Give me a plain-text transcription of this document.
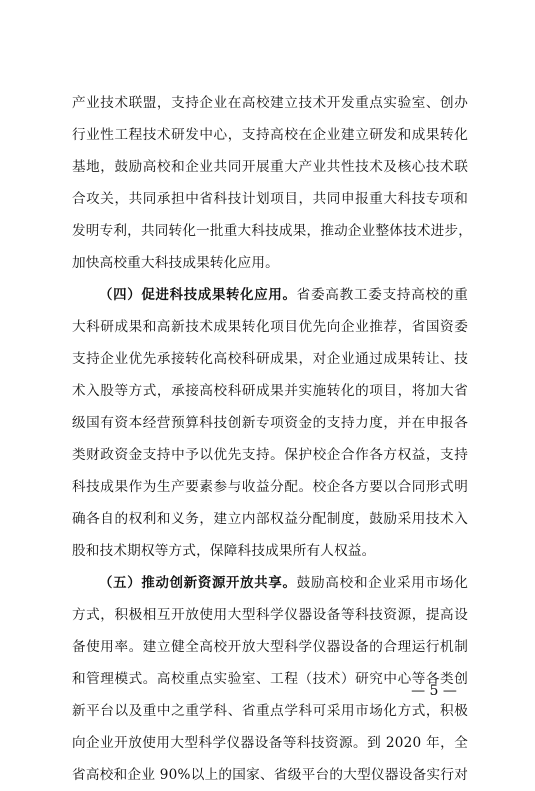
产业技术联盟，支持企业在高校建立技术开发重点实验室、创办
行业性工程技术研发中心，支持高校在企业建立研发和成果转化
基地，鼓励高校和企业共同开展重大产业共性技术及核心技术联
合攻关，共同承担中省科技计划项目，共同申报重大科技专项和
发明专利，共同转化一批重大科技成果，推动企业整体技术进步，
加快高校重大科技成果转化应用。
（四）促进科技成果转化应用。省委高教工委支持高校的重
大科研成果和高新技术成果转化项目优先向企业推荐，省国资委
支持企业优先承接转化高校科研成果，对企业通过成果转让、技
术入股等方式，承接高校科研成果并实施转化的项目，将加大省
级国有资本经营预算科技创新专项资金的支持力度，并在申报各
类财政资金支持中予以优先支持。保护校企合作各方权益，支持
科技成果作为生产要素参与收益分配。校企各方要以合同形式明
确各自的权利和义务，建立内部权益分配制度，鼓励采用技术入
股和技术期权等方式，保障科技成果所有人权益。
（五）推动创新资源开放共享。鼓励高校和企业采用市场化
方式，积极相互开放使用大型科学仪器设备等科技资源，提高设
备使用率。建立健全高校开放大型科学仪器设备的合理运行机制
和管理模式。高校重点实验室、工程（技术）研究中心等各类创
新平台以及重中之重学科、省重点学科可采用市场化方式，积极
向企业开放使用大型科学仪器设备等科技资源。到 2020 年，全
省高校和企业 90%以上的国家、省级平台的大型仪器设备实行对
— 5 —
